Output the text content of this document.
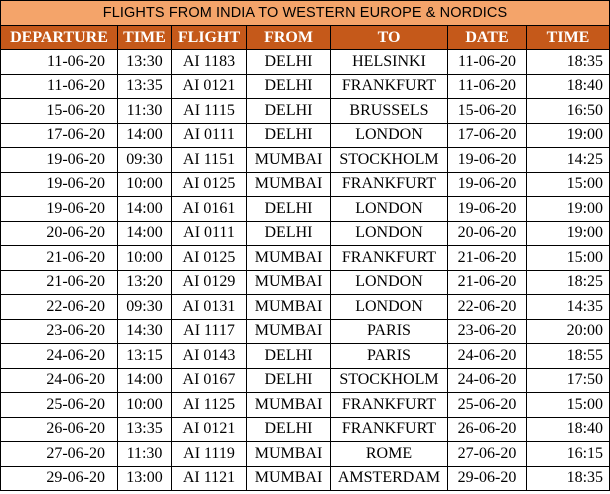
FLIGHTS FROM INDIA TO WESTERN EUROPE & NORDICS						
DEPARTURE	TIME	FLIGHT	FROM	TO	DATE	TIME
11-06-20	13:30	AI 1183	DELHI	HELSINKI	11-06-20	18:35
11-06-20	13:35	AI 0121	DELHI	FRANKFURT	11-06-20	18:40
15-06-20	11:30	AI 1115	DELHI	BRUSSELS	15-06-20	16:50
17-06-20	14:00	AI 0111	DELHI	LONDON	17-06-20	19:00
19-06-20	09:30	AI 1151	MUMBAI	STOCKHOLM	19-06-20	14:25
19-06-20	10:00	AI 0125	MUMBAI	FRANKFURT	19-06-20	15:00
19-06-20	14:00	AI 0161	DELHI	LONDON	19-06-20	19:00
20-06-20	14:00	AI 0111	DELHI	LONDON	20-06-20	19:00
21-06-20	10:00	AI 0125	MUMBAI	FRANKFURT	21-06-20	15:00
21-06-20	13:20	AI 0129	MUMBAI	LONDON	21-06-20	18:25
22-06-20	09:30	AI 0131	MUMBAI	LONDON	22-06-20	14:35
23-06-20	14:30	AI 1117	MUMBAI	PARIS	23-06-20	20:00
24-06-20	13:15	AI 0143	DELHI	PARIS	24-06-20	18:55
24-06-20	14:00	AI 0167	DELHI	STOCKHOLM	24-06-20	17:50
25-06-20	10:00	AI 1125	MUMBAI	FRANKFURT	25-06-20	15:00
26-06-20	13:35	AI 0121	DELHI	FRANKFURT	26-06-20	18:40
27-06-20	11:30	AI 1119	MUMBAI	ROME	27-06-20	16:15
29-06-20	13:00	AI 1121	MUMBAI	AMSTERDAM	29-06-20	18:35
